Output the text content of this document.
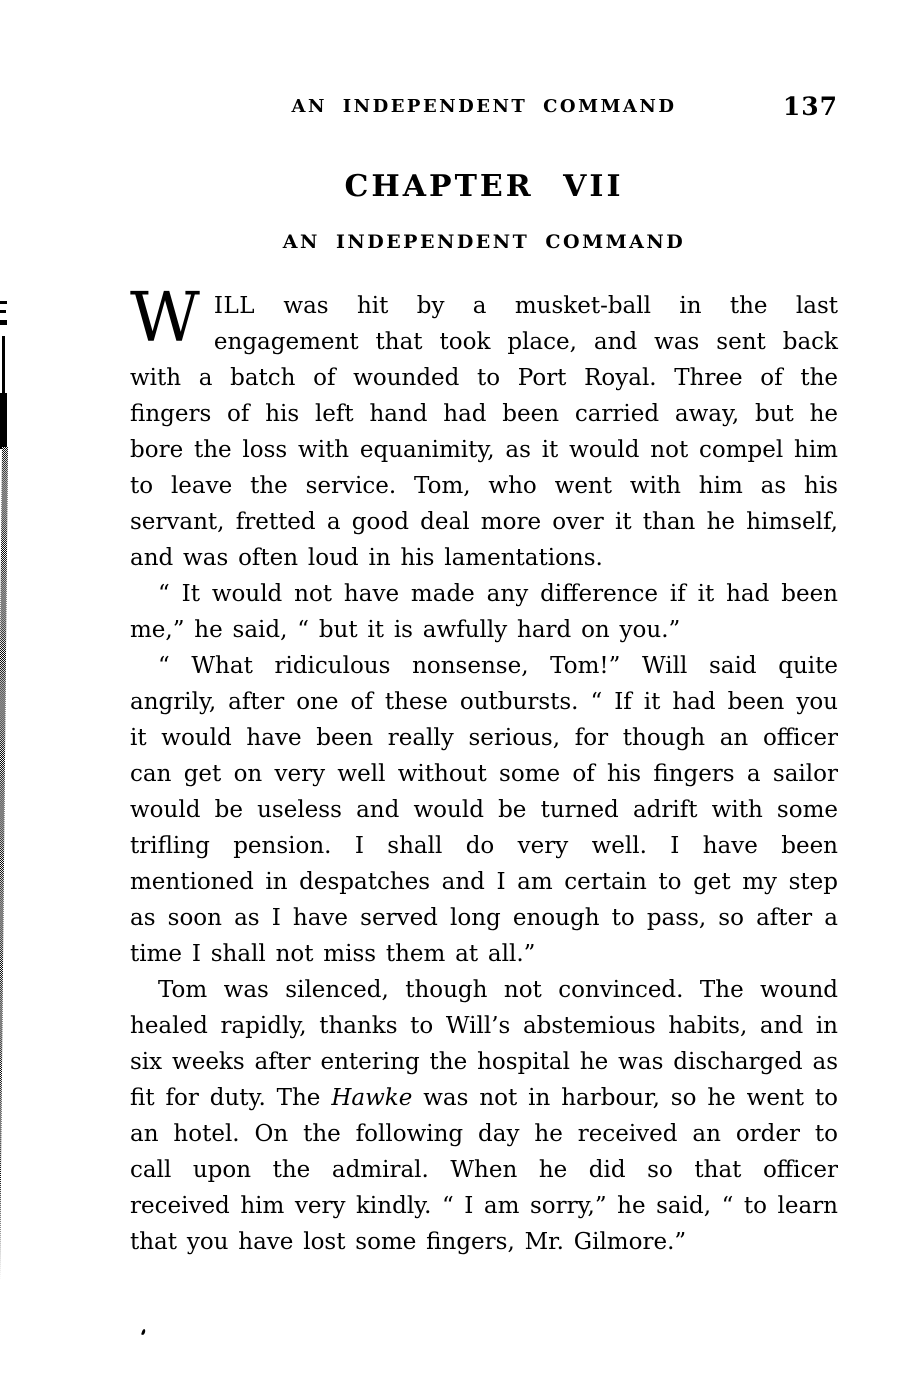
AN INDEPENDENT COMMAND	137
CHAPTER VII
AN INDEPENDENT COMMAND

WILL was hit by a musket-ball in the last engagement that took place, and was sent back with a batch of wounded to Port Royal. Three of the fingers of his left hand had been carried away, but he bore the loss with equanimity, as it would not compel him to leave the service. Tom, who went with him as his servant, fretted a good deal more over it than he himself, and was often loud in his lamentations.

“ It would not have made any difference if it had been me,” he said, “ but it is awfully hard on you.”

“ What ridiculous nonsense, Tom!” Will said quite angrily, after one of these outbursts. “ If it had been you it would have been really serious, for though an officer can get on very well without some of his fingers a sailor would be useless and would be turned adrift with some trifling pension. I shall do very well. I have been mentioned in despatches and I am certain to get my step as soon as I have served long enough to pass, so after a time I shall not miss them at all.”

Tom was silenced, though not convinced. The wound healed rapidly, thanks to Will’s abstemious habits, and in six weeks after entering the hospital he was discharged as fit for duty. The Hawke was not in harbour, so he went to an hotel. On the following day he received an order to call upon the admiral. When he did so that officer received him very kindly. “ I am sorry,” he said, “ to learn that you have lost some fingers, Mr. Gilmore.”
